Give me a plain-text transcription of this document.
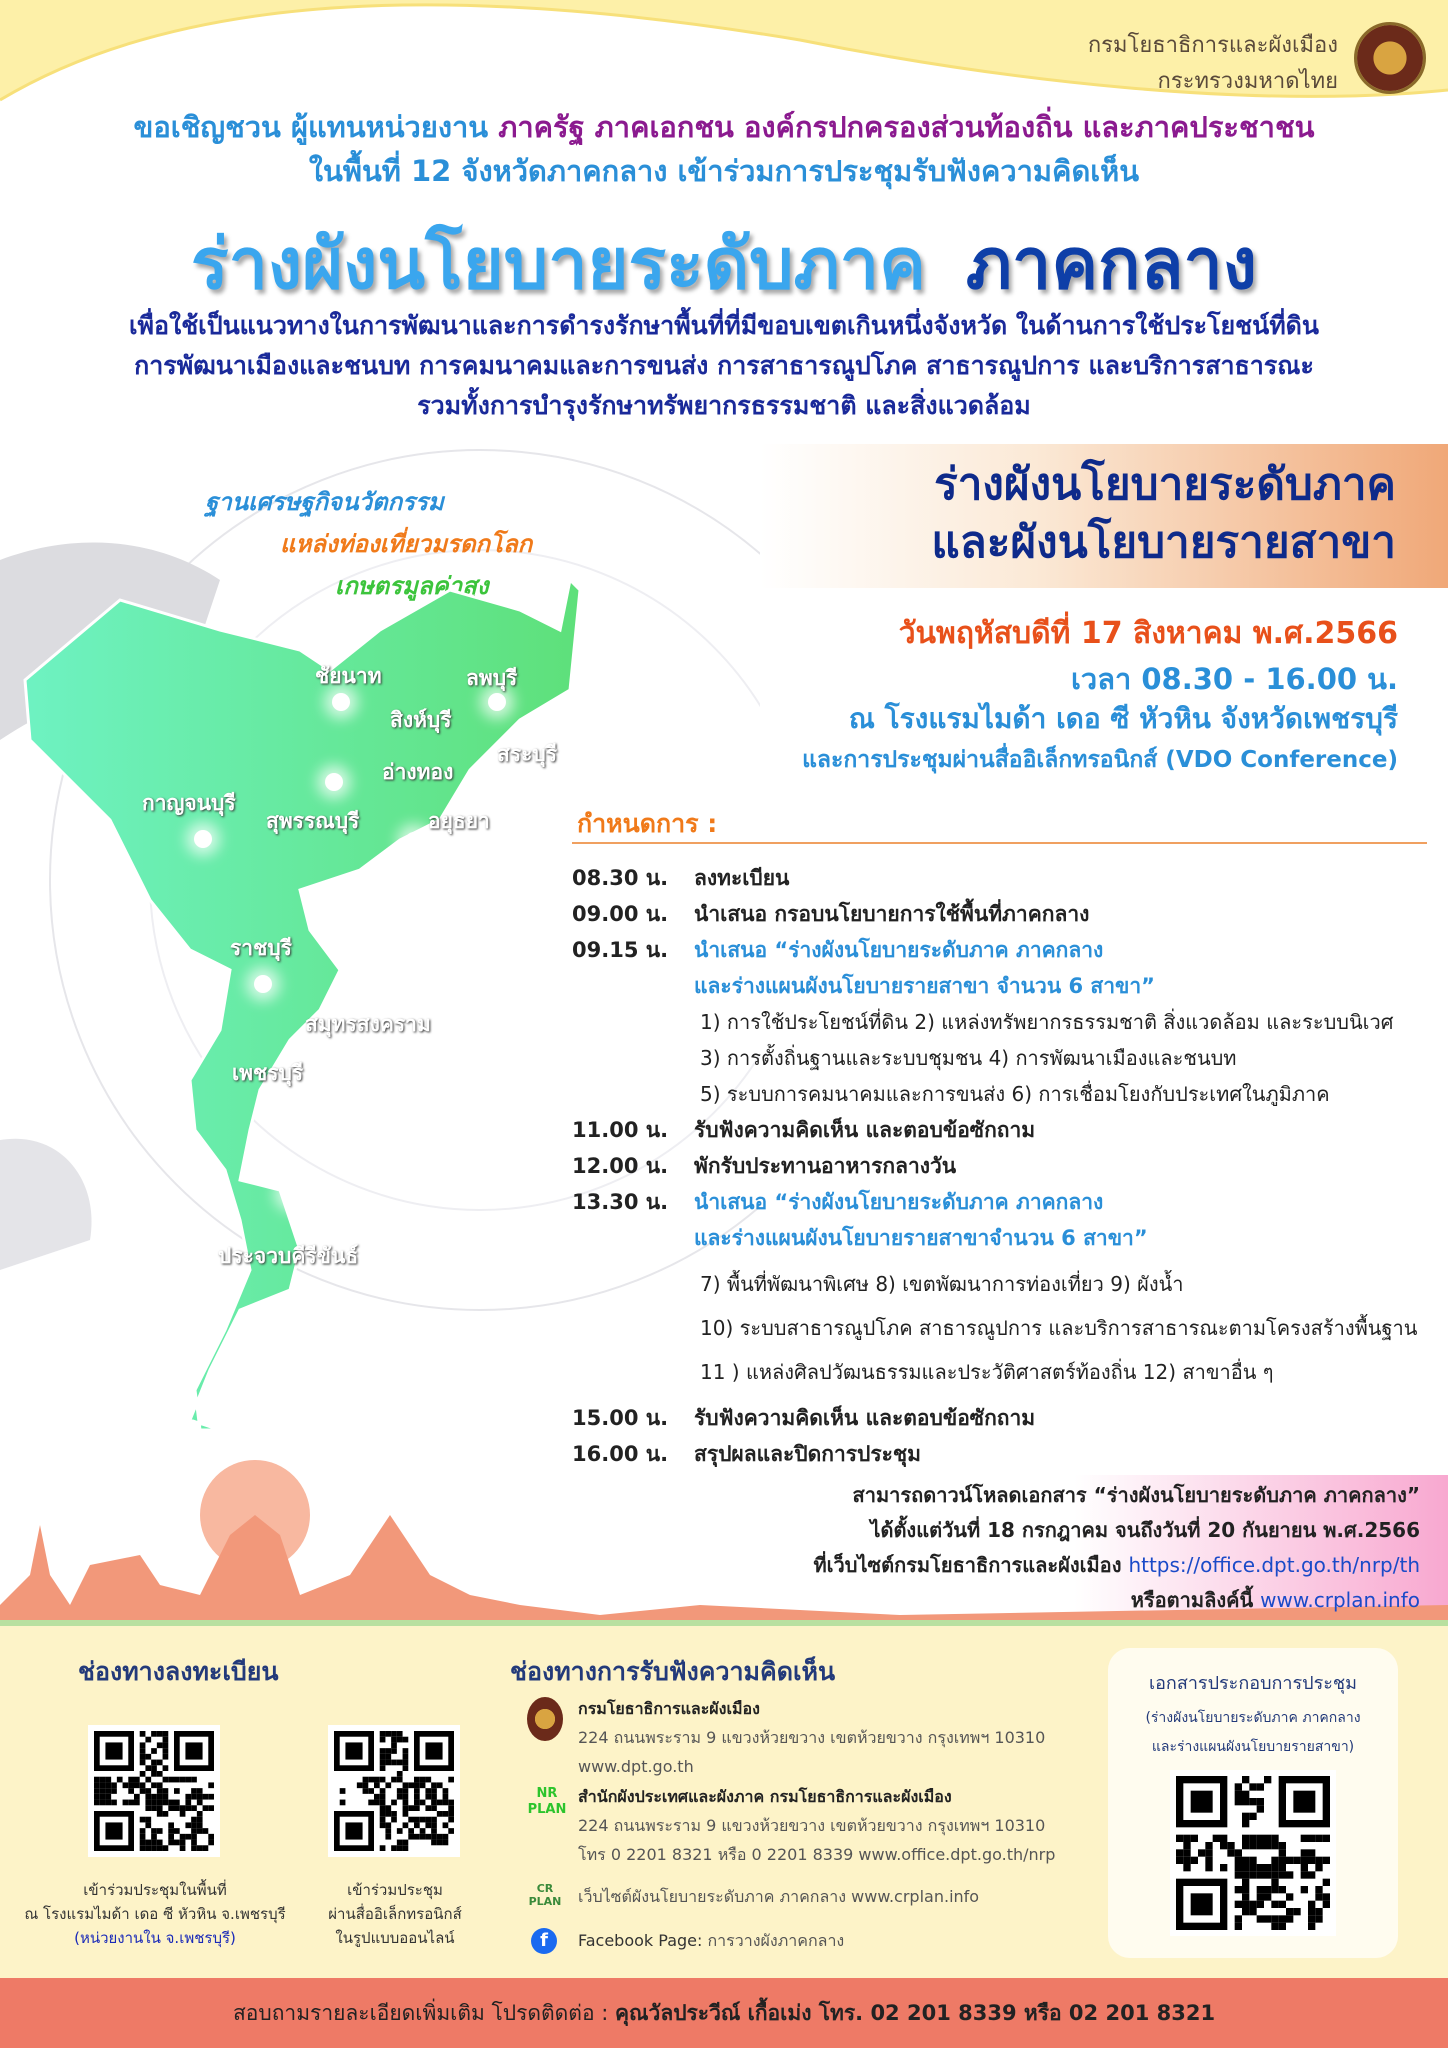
กรมโยธาธิการและผังเมือง
กระทรวงมหาดไทย
ขอเชิญชวน ผู้แทนหน่วยงาน ภาครัฐ ภาคเอกชน องค์กรปกครองส่วนท้องถิ่น และภาคประชาชน
ในพื้นที่ 12 จังหวัดภาคกลาง เข้าร่วมการประชุมรับฟังความคิดเห็น
ร่างผังนโยบายระดับภาค ภาคกลาง
เพื่อใช้เป็นแนวทางในการพัฒนาและการดำรงรักษาพื้นที่ที่มีขอบเขตเกินหนึ่งจังหวัด ในด้านการใช้ประโยชน์ที่ดิน
การพัฒนาเมืองและชนบท การคมนาคมและการขนส่ง การสาธารณูปโภค สาธารณูปการ และบริการสาธารณะ
รวมทั้งการบำรุงรักษาทรัพยากรธรรมชาติ และสิ่งแวดล้อม
ฐานเศรษฐกิจนวัตกรรม
แหล่งท่องเที่ยวมรดกโลก
เกษตรมูลค่าสูง
ชัยนาท	ลพบุรี
สิงห์บุรี
อ่างทอง
สระบุรี
กาญจนบุรี
สุพรรณบุรี	อยุธยา
ราชบุรี
สมุทรสงคราม
เพชรบุรี
ประจวบคีรีขันธ์
ร่างผังนโยบายระดับภาค
และผังนโยบายรายสาขา
วันพฤหัสบดีที่ 17 สิงหาคม พ.ศ.2566
เวลา 08.30 - 16.00 น.
ณ โรงแรมไมด้า เดอ ซี หัวหิน จังหวัดเพชรบุรี
และการประชุมผ่านสื่ออิเล็กทรอนิกส์ (VDO Conference)
กำหนดการ :
08.30 น.	ลงทะเบียน
09.00 น.	นำเสนอ กรอบนโยบายการใช้พื้นที่ภาคกลาง
09.15 น.	นำเสนอ “ร่างผังนโยบายระดับภาค ภาคกลาง
และร่างแผนผังนโยบายรายสาขา จำนวน 6 สาขา”
1) การใช้ประโยชน์ที่ดิน 2) แหล่งทรัพยากรธรรมชาติ สิ่งแวดล้อม และระบบนิเวศ
3) การตั้งถิ่นฐานและระบบชุมชน 4) การพัฒนาเมืองและชนบท
5) ระบบการคมนาคมและการขนส่ง 6) การเชื่อมโยงกับประเทศในภูมิภาค
11.00 น.	รับฟังความคิดเห็น และตอบข้อซักถาม
12.00 น.	พักรับประทานอาหารกลางวัน
13.30 น.	นำเสนอ “ร่างผังนโยบายระดับภาค ภาคกลาง
และร่างแผนผังนโยบายรายสาขาจำนวน 6 สาขา”
7) พื้นที่พัฒนาพิเศษ 8) เขตพัฒนาการท่องเที่ยว 9) ผังน้ำ
10) ระบบสาธารณูปโภค สาธารณูปการ และบริการสาธารณะตามโครงสร้างพื้นฐาน
11 ) แหล่งศิลปวัฒนธรรมและประวัติศาสตร์ท้องถิ่น 12) สาขาอื่น ๆ
15.00 น.	รับฟังความคิดเห็น และตอบข้อซักถาม
16.00 น.	สรุปผลและปิดการประชุม
สามารถดาวน์โหลดเอกสาร “ร่างผังนโยบายระดับภาค ภาคกลาง”
ได้ตั้งแต่วันที่ 18 กรกฎาคม จนถึงวันที่ 20 กันยายน พ.ศ.2566
ที่เว็บไซต์กรมโยธาธิการและผังเมือง https://office.dpt.go.th/nrp/th
หรือตามลิงค์นี้ www.crplan.info
ช่องทางลงทะเบียน
เข้าร่วมประชุมในพื้นที่
ณ โรงแรมไมด้า เดอ ซี หัวหิน จ.เพชรบุรี
(หน่วยงานใน จ.เพชรบุรี)
เข้าร่วมประชุม
ผ่านสื่ออิเล็กทรอนิกส์
ในรูปแบบออนไลน์
ช่องทางการรับฟังความคิดเห็น
กรมโยธาธิการและผังเมือง
224 ถนนพระราม 9 แขวงห้วยขวาง เขตห้วยขวาง กรุงเทพฯ 10310
www.dpt.go.th
NR PLAN
สำนักผังประเทศและผังภาค กรมโยธาธิการและผังเมือง
224 ถนนพระราม 9 แขวงห้วยขวาง เขตห้วยขวาง กรุงเทพฯ 10310
โทร 0 2201 8321 หรือ 0 2201 8339 www.office.dpt.go.th/nrp
CR PLAN เว็บไซต์ผังนโยบายระดับภาค ภาคกลาง www.crplan.info
f	Facebook Page: การวางผังภาคกลาง
เอกสารประกอบการประชุม
(ร่างผังนโยบายระดับภาค ภาคกลาง
และร่างแผนผังนโยบายรายสาขา)
สอบถามรายละเอียดเพิ่มเติม โปรดติดต่อ : คุณวัลประวีณ์ เกื้อเม่ง โทร. 02 201 8339 หรือ 02 201 8321
